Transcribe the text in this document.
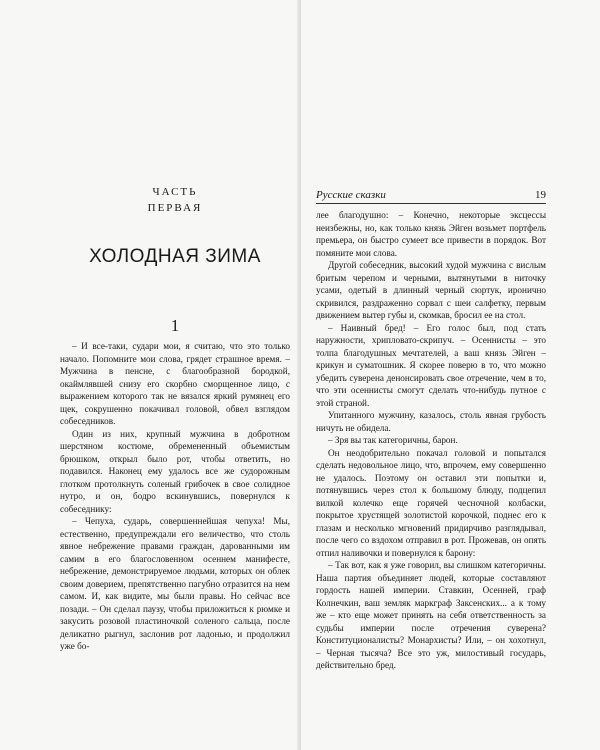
ЧАСТЬ
ПЕРВАЯ
ХОЛОДНАЯ ЗИМА
1

– И все-таки, судари мои, я считаю, что это только начало. Попомните мои слова, грядет страшное время. – Мужчина в пенсне, с благообразной бородкой, окаймлявшей снизу его скорбно сморщенное лицо, с выражением которого так не вязался яркий румянец его щек, сокрушенно покачивал головой, обвел взглядом собеседников.

Один из них, крупный мужчина в добротном шерстяном костюме, обремененный объемистым брюшком, открыл было рот, чтобы ответить, но подавился. Наконец ему удалось все же судорожным глотком протолкнуть соленый грибочек в свое солидное нутро, и он, бодро вскинувшись, повернулся к собеседнику:

– Чепуха, сударь, совершеннейшая чепуха! Мы, естественно, предупреждали его величество, что столь явное небрежение правами граждан, дарованными им самим в его благословенном осеннем манифесте, небрежение, демонстрируемое людьми, которых он облек своим доверием, препятственно пагубно отразится на нем самом. И, как видите, мы были правы. Но сейчас все позади. – Он сделал паузу, чтобы приложиться к рюмке и закусить розовой пластиночкой соленого сальца, после деликатно рыгнул, заслонив рот ладонью, и продолжил уже бо-

Русские сказки	19

лее благодушно: – Конечно, некоторые эксцессы неизбежны, но, как только князь Эйген возьмет портфель премьера, он быстро сумеет все привести в порядок. Вот помяните мои слова.

Другой собеседник, высокий худой мужчина с вислым бритым черепом и черными, вытянутыми в ниточку усами, одетый в длинный черный сюртук, иронично скривился, раздраженно сорвал с шеи салфетку, первым движением вытер губы и, скомкав, бросил ее на стол.

– Наивный бред! – Его голос был, под стать наружности, хрипловато-скрипуч. – Осеннисты – это толпа благодушных мечтателей, а ваш князь Эйген – крикун и суматошник. Я скорее поверю в то, что можно убедить суверена денонсировать свое отречение, чем в то, что эти осеннисты смогут сделать что-нибудь путное с этой страной.

Упитанного мужчину, казалось, столь явная грубость ничуть не обидела.

– Зря вы так категоричны, барон.

Он неодобрительно покачал головой и попытался сделать недовольное лицо, что, впрочем, ему совершенно не удалось. Поэтому он оставил эти попытки и, потянувшись через стол к большому блюду, подцепил вилкой колечко еще горячей чесночной колбаски, покрытое хрустящей золотистой корочкой, поднес его к глазам и несколько мгновений придирчиво разглядывал, после чего со вздохом отправил в рот. Прожевав, он опять отпил наливочки и повернулся к барону:

– Так вот, как я уже говорил, вы слишком категоричны. Наша партия объединяет людей, которые составляют гордость нашей империи. Ставкин, Осенней, граф Колнечкин, ваш земляк маркграф Заксенских... а к тому же – кто еще может принять на себя ответственность за судьбы империи после отречения суверена? Конституционалисты? Монархисты? Или, – он хохотнул, – Черная тысяча? Все это уж, милостивый государь, действительно бред.
